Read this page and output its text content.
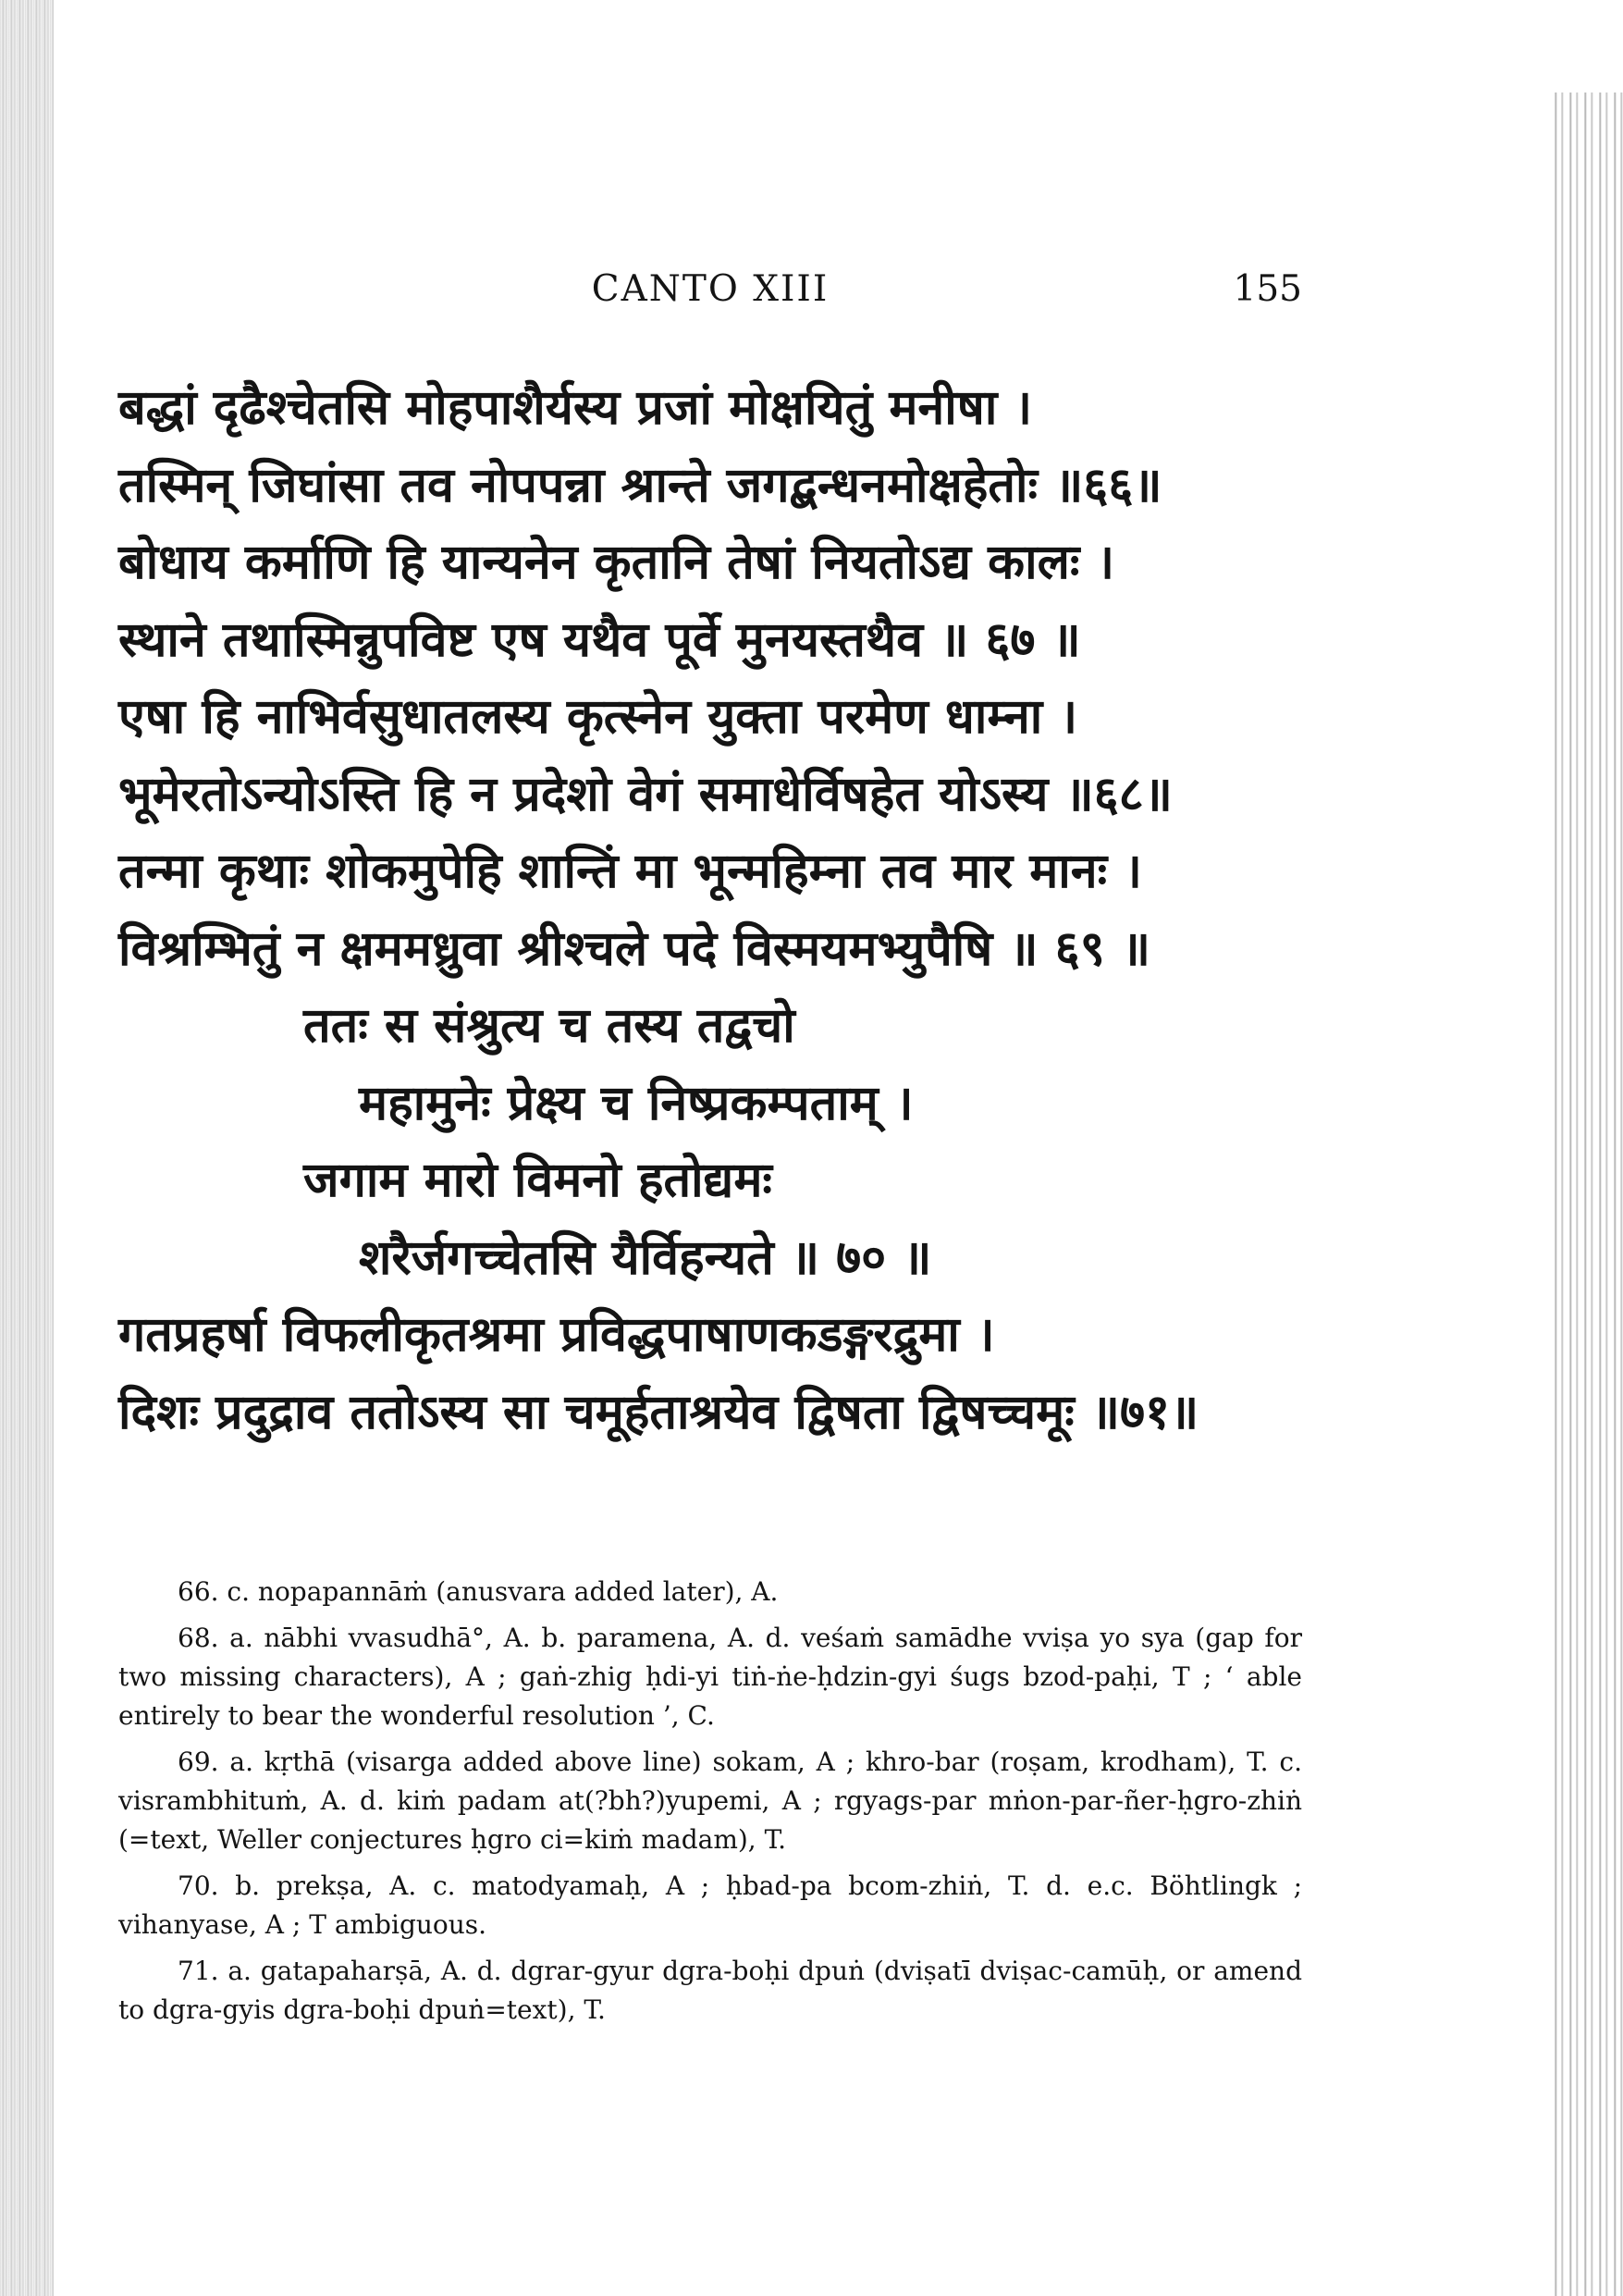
CANTO XIII	155
बद्धां दृढैश्चेतसि मोहपाशैर्यस्य प्रजां मोक्षयितुं मनीषा ।
तस्मिन् जिघांसा तव नोपपन्ना श्रान्ते जगद्बन्धनमोक्षहेतोः ॥६६॥
बोधाय कर्माणि हि यान्यनेन कृतानि तेषां नियतोऽद्य कालः ।
स्थाने तथास्मिन्नुपविष्ट एष यथैव पूर्वे मुनयस्तथैव ॥ ६७ ॥
एषा हि नाभिर्वसुधातलस्य कृत्स्नेन युक्ता परमेण धाम्ना ।
भूमेरतोऽन्योऽस्ति हि न प्रदेशो वेगं समाधेर्विषहेत योऽस्य ॥६८॥
तन्मा कृथाः शोकमुपेहि शान्तिं मा भून्महिम्ना तव मार मानः ।
विश्रम्भितुं न क्षममध्रुवा श्रीश्चले पदे विस्मयमभ्युपैषि ॥ ६९ ॥
ततः स संश्रुत्य च तस्य तद्वचो
महामुनेः प्रेक्ष्य च निष्प्रकम्पताम् ।
जगाम मारो विमनो हतोद्यमः
शरैर्जगच्चेतसि यैर्विहन्यते ॥ ७० ॥
गतप्रहर्षा विफलीकृतश्रमा प्रविद्धपाषाणकडङ्गरद्रुमा ।
दिशः प्रदुद्राव ततोऽस्य सा चमूर्हताश्रयेव द्विषता द्विषच्चमूः ॥७१॥

66. c. nopapannāṁ (anusvara added later), A.

68. a. nābhi vvasudhā°, A. b. paramena, A. d. veśaṁ samādhe vviṣa yo sya (gap for two missing characters), A ; gaṅ-zhig ḥdi-yi tiṅ-ṅe-ḥdzin-gyi śugs bzod-paḥi, T ; ‘ able entirely to bear the wonderful resolution ’, C.

69. a. kṛthā (visarga added above line) sokam, A ; khro-bar (roṣam, krodham), T. c. visrambhituṁ, A. d. kiṁ padam at(?bh?)yupemi, A ; rgyags-par mṅon-par-ñer-ḥgro-zhiṅ (=text, Weller conjectures ḥgro ci=kiṁ madam), T.

70. b. prekṣa, A. c. matodyamaḥ, A ; ḥbad-pa bcom-zhiṅ, T. d. e.c. Böhtlingk ; vihanyase, A ; T ambiguous.

71. a. gatapaharṣā, A. d. dgrar-gyur dgra-boḥi dpuṅ (dviṣatī dviṣac-camūḥ, or amend to dgra-gyis dgra-boḥi dpuṅ=text), T.
